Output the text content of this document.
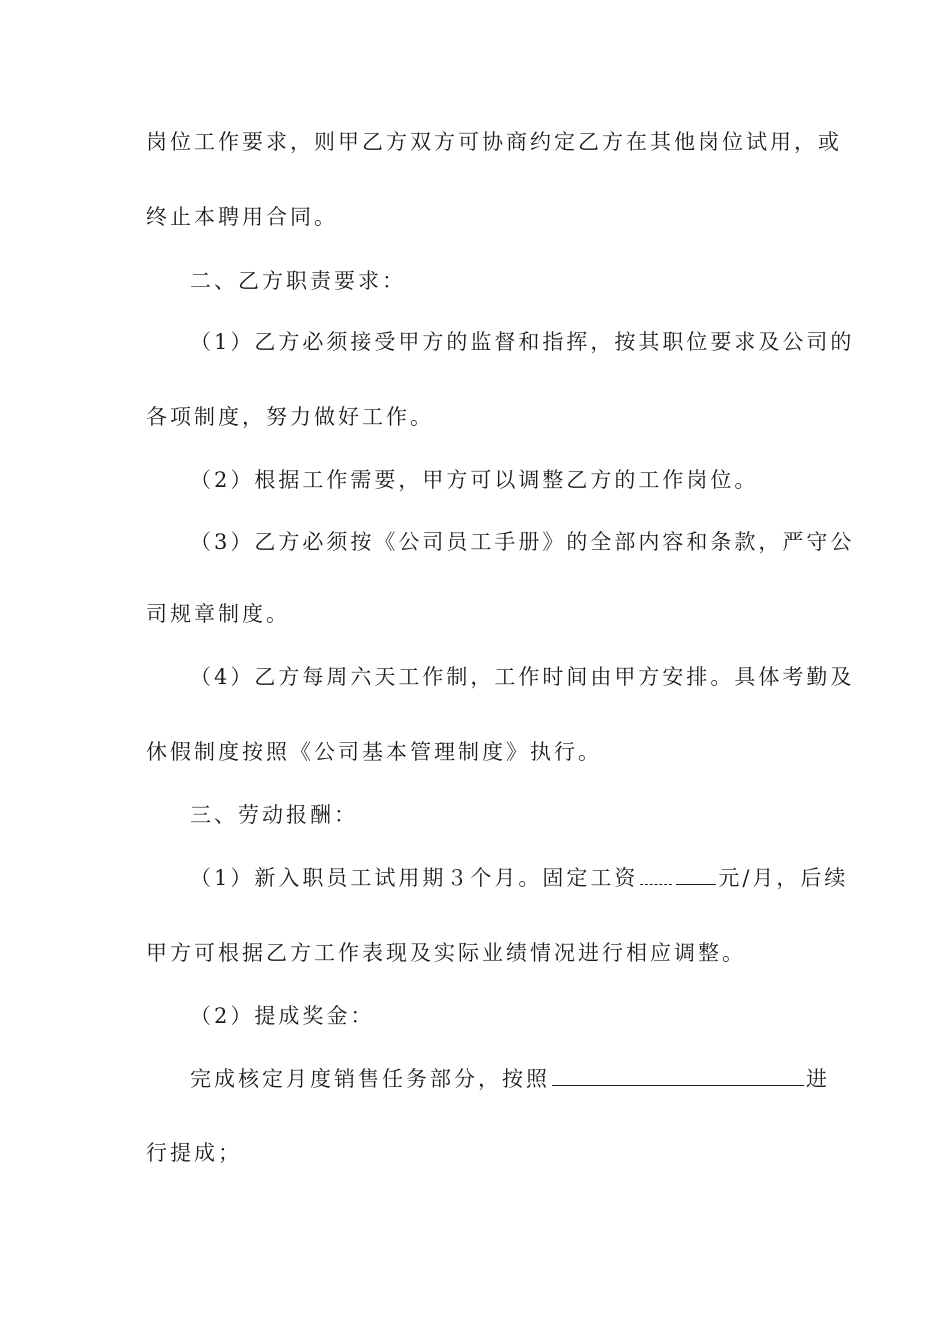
岗位工作要求，则甲乙方双方可协商约定乙方在其他岗位试用，或
终止本聘用合同。
二、乙方职责要求：
（1）乙方必须接受甲方的监督和指挥，按其职位要求及公司的
各项制度，努力做好工作。
（2）根据工作需要，甲方可以调整乙方的工作岗位。
（3）乙方必须按《公司员工手册》的全部内容和条款，严守公
司规章制度。
（4）乙方每周六天工作制，工作时间由甲方安排。具体考勤及
休假制度按照《公司基本管理制度》执行。
三、劳动报酬：
（1）新入职员工试用期３个月。固定工资	元/月，后续
甲方可根据乙方工作表现及实际业绩情况进行相应调整。
（2）提成奖金：
完成核定月度销售任务部分，按照	进
行提成；
